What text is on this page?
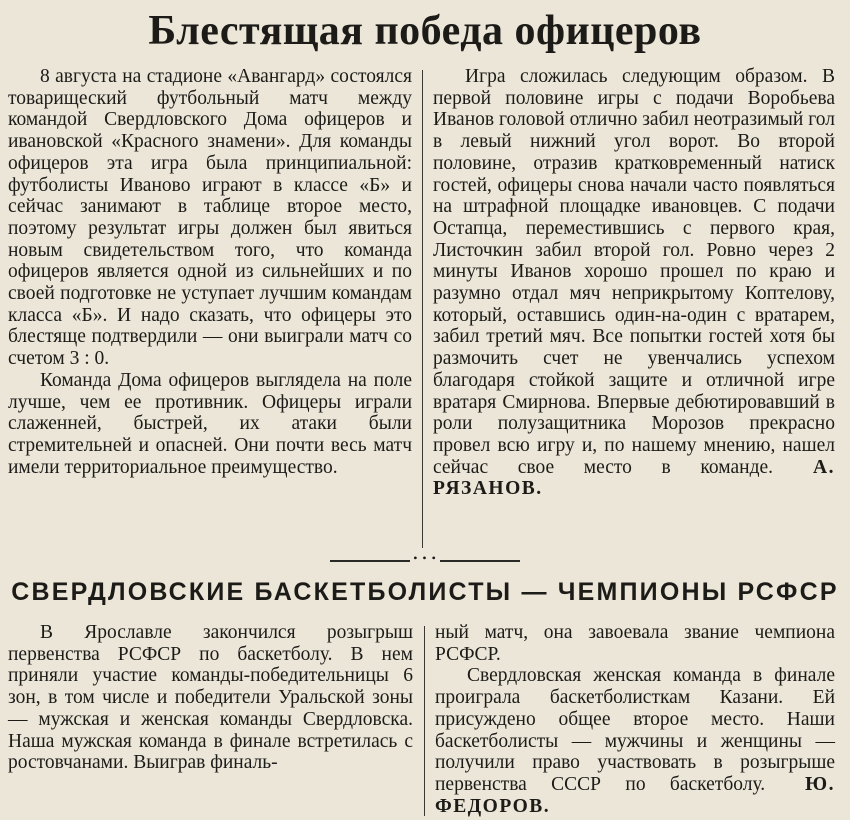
Блестящая победа офицеров

8 августа на стадионе «Авангард» состоялся товарищеский футбольный матч между командой Свердловского Дома офицеров и ивановской «Красного знамени». Для команды офицеров эта игра была принципиальной: футболисты Иваново играют в классе «Б» и сейчас занимают в таблице второе место, поэтому результат игры должен был явиться новым свидетельством того, что команда офицеров является одной из сильнейших и по своей подготовке не уступает лучшим командам класса «Б». И надо сказать, что офицеры это блестяще подтвердили — они выиграли матч со счетом 3 : 0.

Команда Дома офицеров выглядела на поле лучше, чем ее противник. Офицеры играли слаженней, быстрей, их атаки были стремительней и опасней. Они почти весь матч имели территориальное преимущество.

Игра сложилась следующим образом. В первой половине игры с подачи Воробьева Иванов головой отлично забил неотразимый гол в левый нижний угол ворот. Во второй половине, отразив кратковременный натиск гостей, офицеры снова начали часто появляться на штрафной площадке ивановцев. С подачи Остапца, переместившись с первого края, Листочкин забил второй гол. Ровно через 2 минуты Иванов хорошо прошел по краю и разумно отдал мяч неприкрытому Коптелову, который, оставшись один-на-один с вратарем, забил третий мяч. Все попытки гостей хотя бы размочить счет не увенчались успехом благодаря стойкой защите и отличной игре вратаря Смирнова. Впервые дебютировавший в роли полузащитника Морозов прекрасно провел всю игру и, по нашему мнению, нашел сейчас свое место в команде. А. РЯЗАНОВ.

• • •
СВЕРДЛОВСКИЕ БАСКЕТБОЛИСТЫ — ЧЕМПИОНЫ РСФСР

В Ярославле закончился розыгрыш первенства РСФСР по баскетболу. В нем приняли участие команды-победительницы 6 зон, в том числе и победители Уральской зоны — мужская и женская команды Свердловска. Наша мужская команда в финале встретилась с ростовчанами. Выиграв финаль-

ный матч, она завоевала звание чемпиона РСФСР.

Свердловская женская команда в финале проиграла баскетболисткам Казани. Ей присуждено общее второе место. Наши баскетболисты — мужчины и женщины — получили право участвовать в розыгрыше первенства СССР по баскетболу. Ю. ФЕДОРОВ.
